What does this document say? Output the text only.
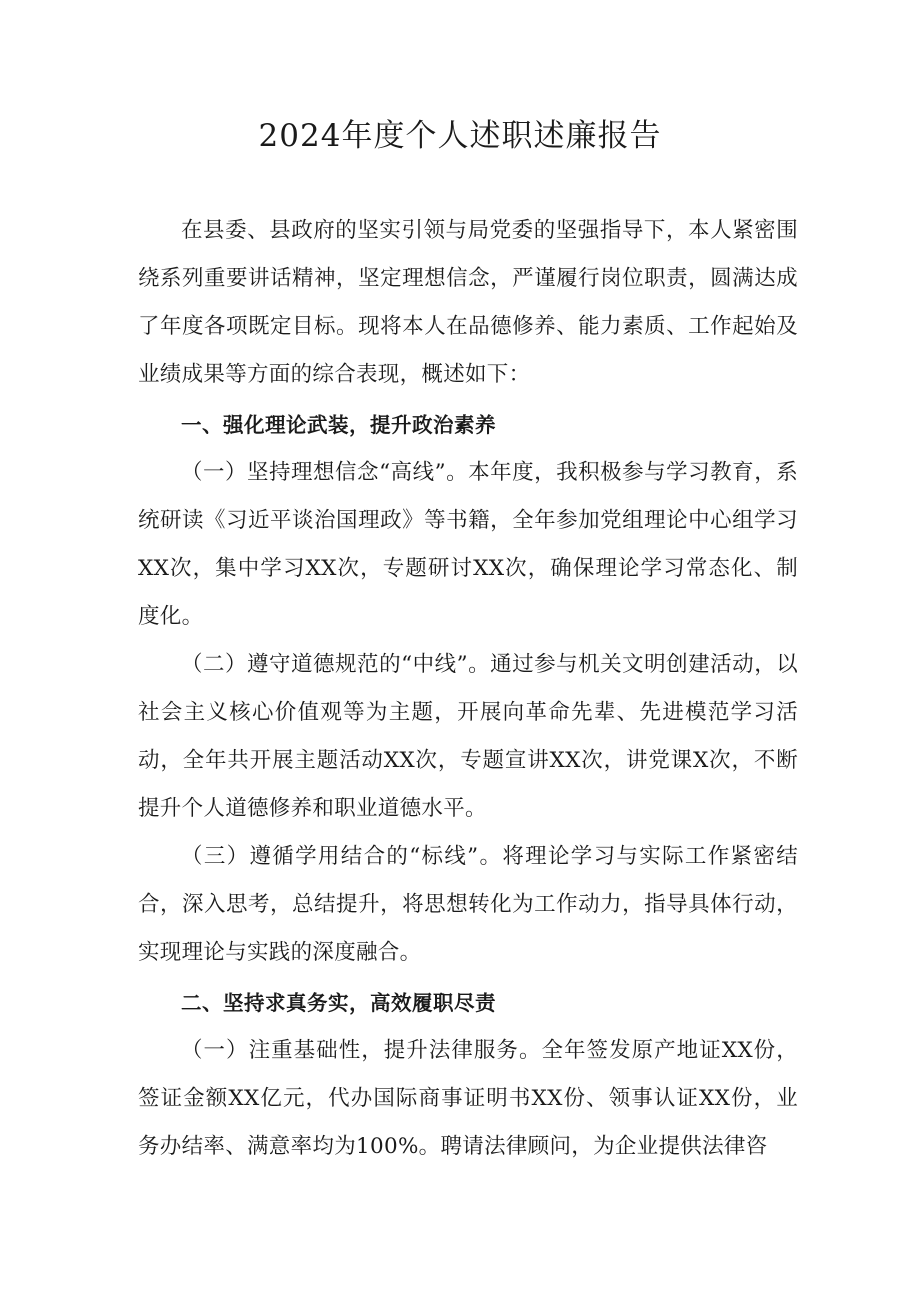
2024年度个人述职述廉报告

在县委、县政府的坚实引领与局党委的坚强指导下，本人紧密围绕系列重要讲话精神，坚定理想信念，严谨履行岗位职责，圆满达成了年度各项既定目标。现将本人在品德修养、能力素质、工作起始及业绩成果等方面的综合表现，概述如下：

一、强化理论武装，提升政治素养

（一）坚持理想信念“高线”。本年度，我积极参与学习教育，系统研读《习近平谈治国理政》等书籍，全年参加党组理论中心组学习XX次，集中学习XX次，专题研讨XX次，确保理论学习常态化、制度化。

（二）遵守道德规范的“中线”。通过参与机关文明创建活动，以社会主义核心价值观等为主题，开展向革命先辈、先进模范学习活动，全年共开展主题活动XX次，专题宣讲XX次，讲党课X次，不断提升个人道德修养和职业道德水平。

（三）遵循学用结合的“标线”。将理论学习与实际工作紧密结合，深入思考，总结提升，将思想转化为工作动力，指导具体行动，实现理论与实践的深度融合。

二、坚持求真务实，高效履职尽责

（一）注重基础性，提升法律服务。全年签发原产地证XX份，签证金额XX亿元，代办国际商事证明书XX份、领事认证XX份，业务办结率、满意率均为100%。聘请法律顾问，为企业提供法律咨
